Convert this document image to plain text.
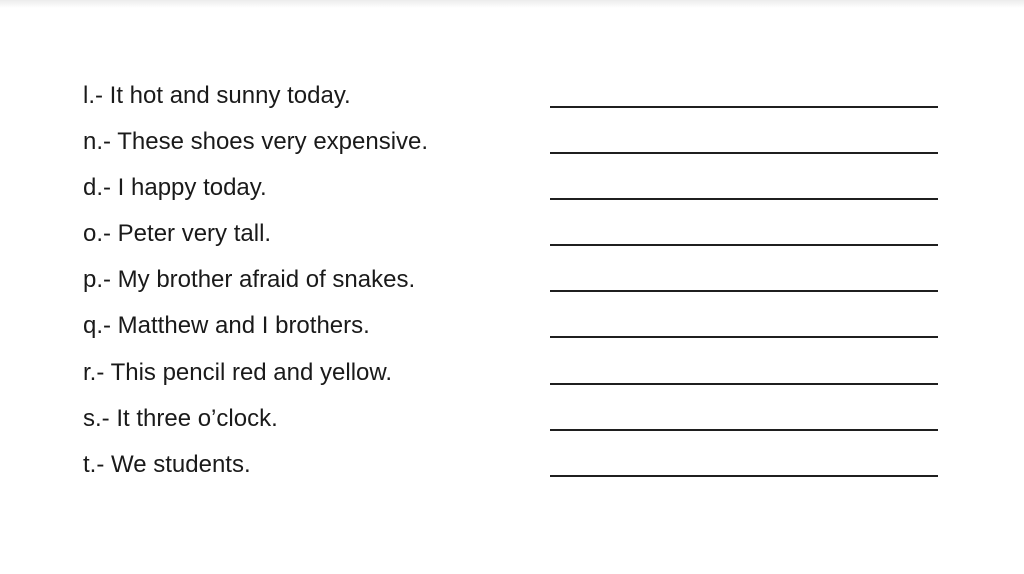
l.- It hot and sunny today.
n.- These shoes very expensive.
d.- I happy today.
o.- Peter very tall.
p.- My brother afraid of snakes.
q.- Matthew and I brothers.
r.- This pencil red and yellow.
s.- It three o’clock.
t.- We students.
